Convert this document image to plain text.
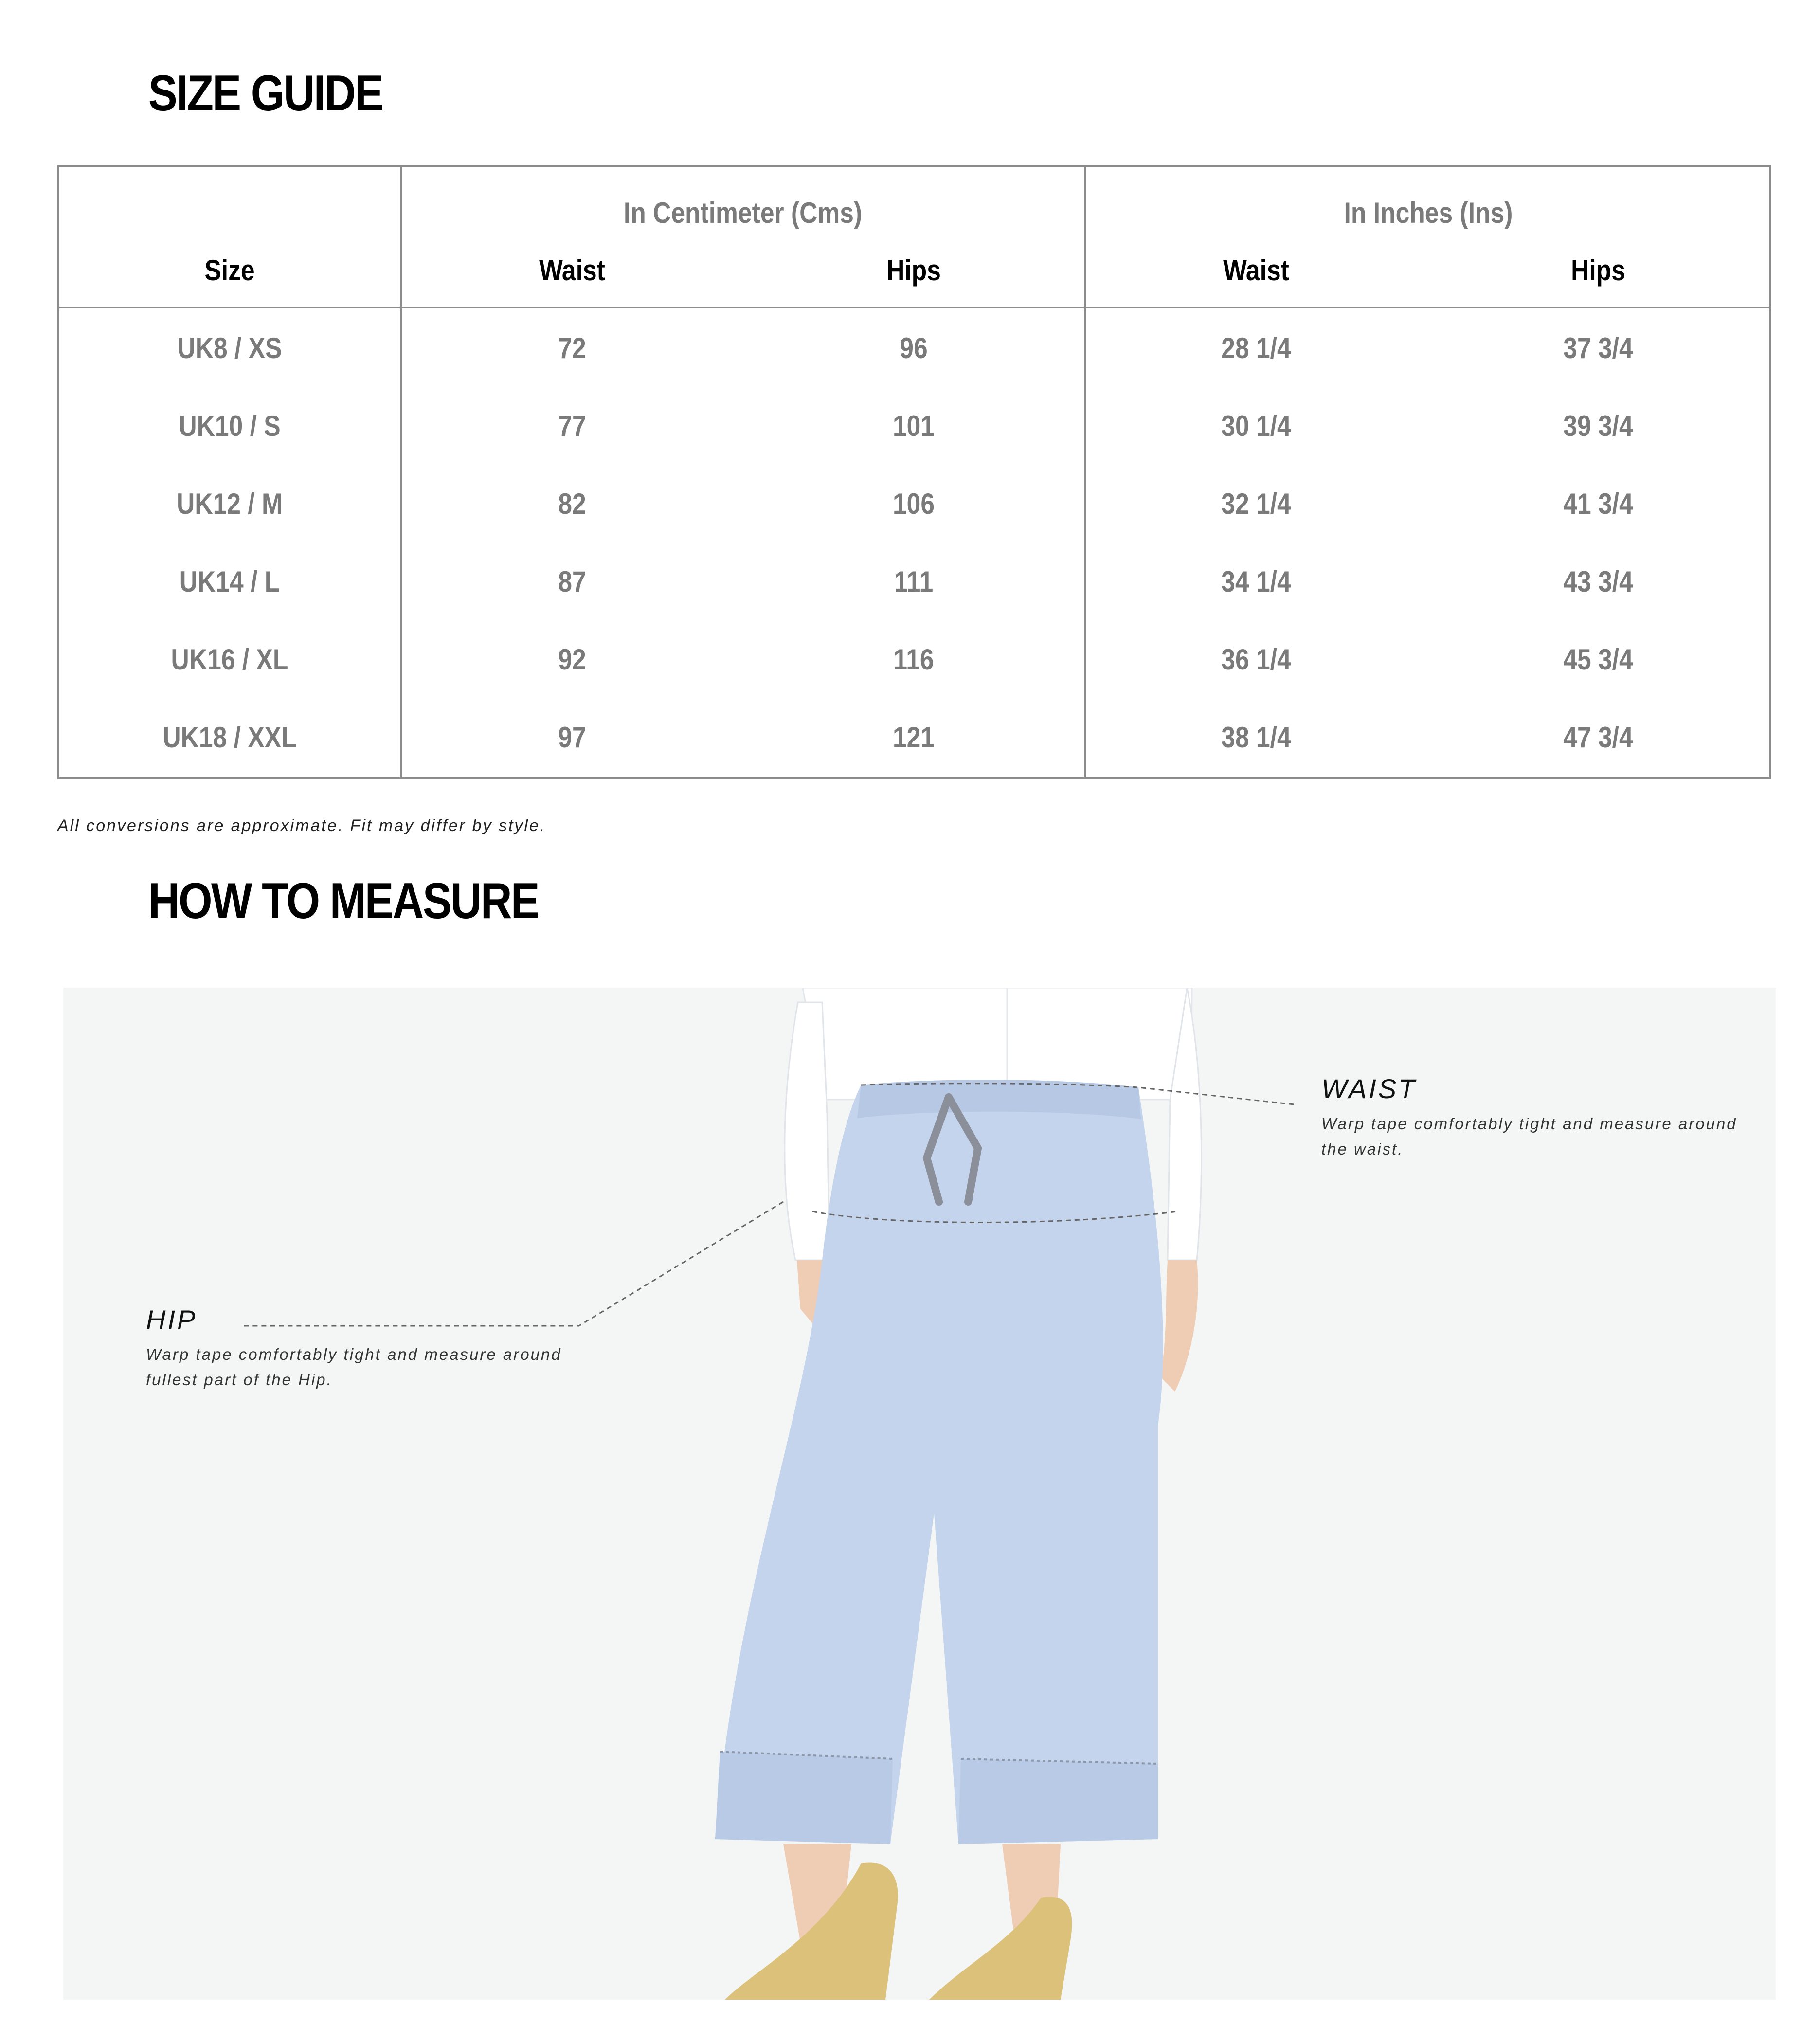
SIZE GUIDE
In Centimeter (Cms)	In Inches (Ins)
Size	Waist	Hips	Waist	Hips
UK8 / XS	72	96	28 1/4	37 3/4
UK10 / S	77	101	30 1/4	39 3/4
UK12 / M	82	106	32 1/4	41 3/4
UK14 / L	87	111	34 1/4	43 3/4
UK16 / XL	92	116	36 1/4	45 3/4
UK18 / XXL	97	121	38 1/4	47 3/4
All conversions are approximate. Fit may differ by style.
HOW TO MEASURE
WAIST
Warp tape comfortably tight and measure around the waist.
HIP
Warp tape comfortably tight and measure around fullest part of the Hip.
